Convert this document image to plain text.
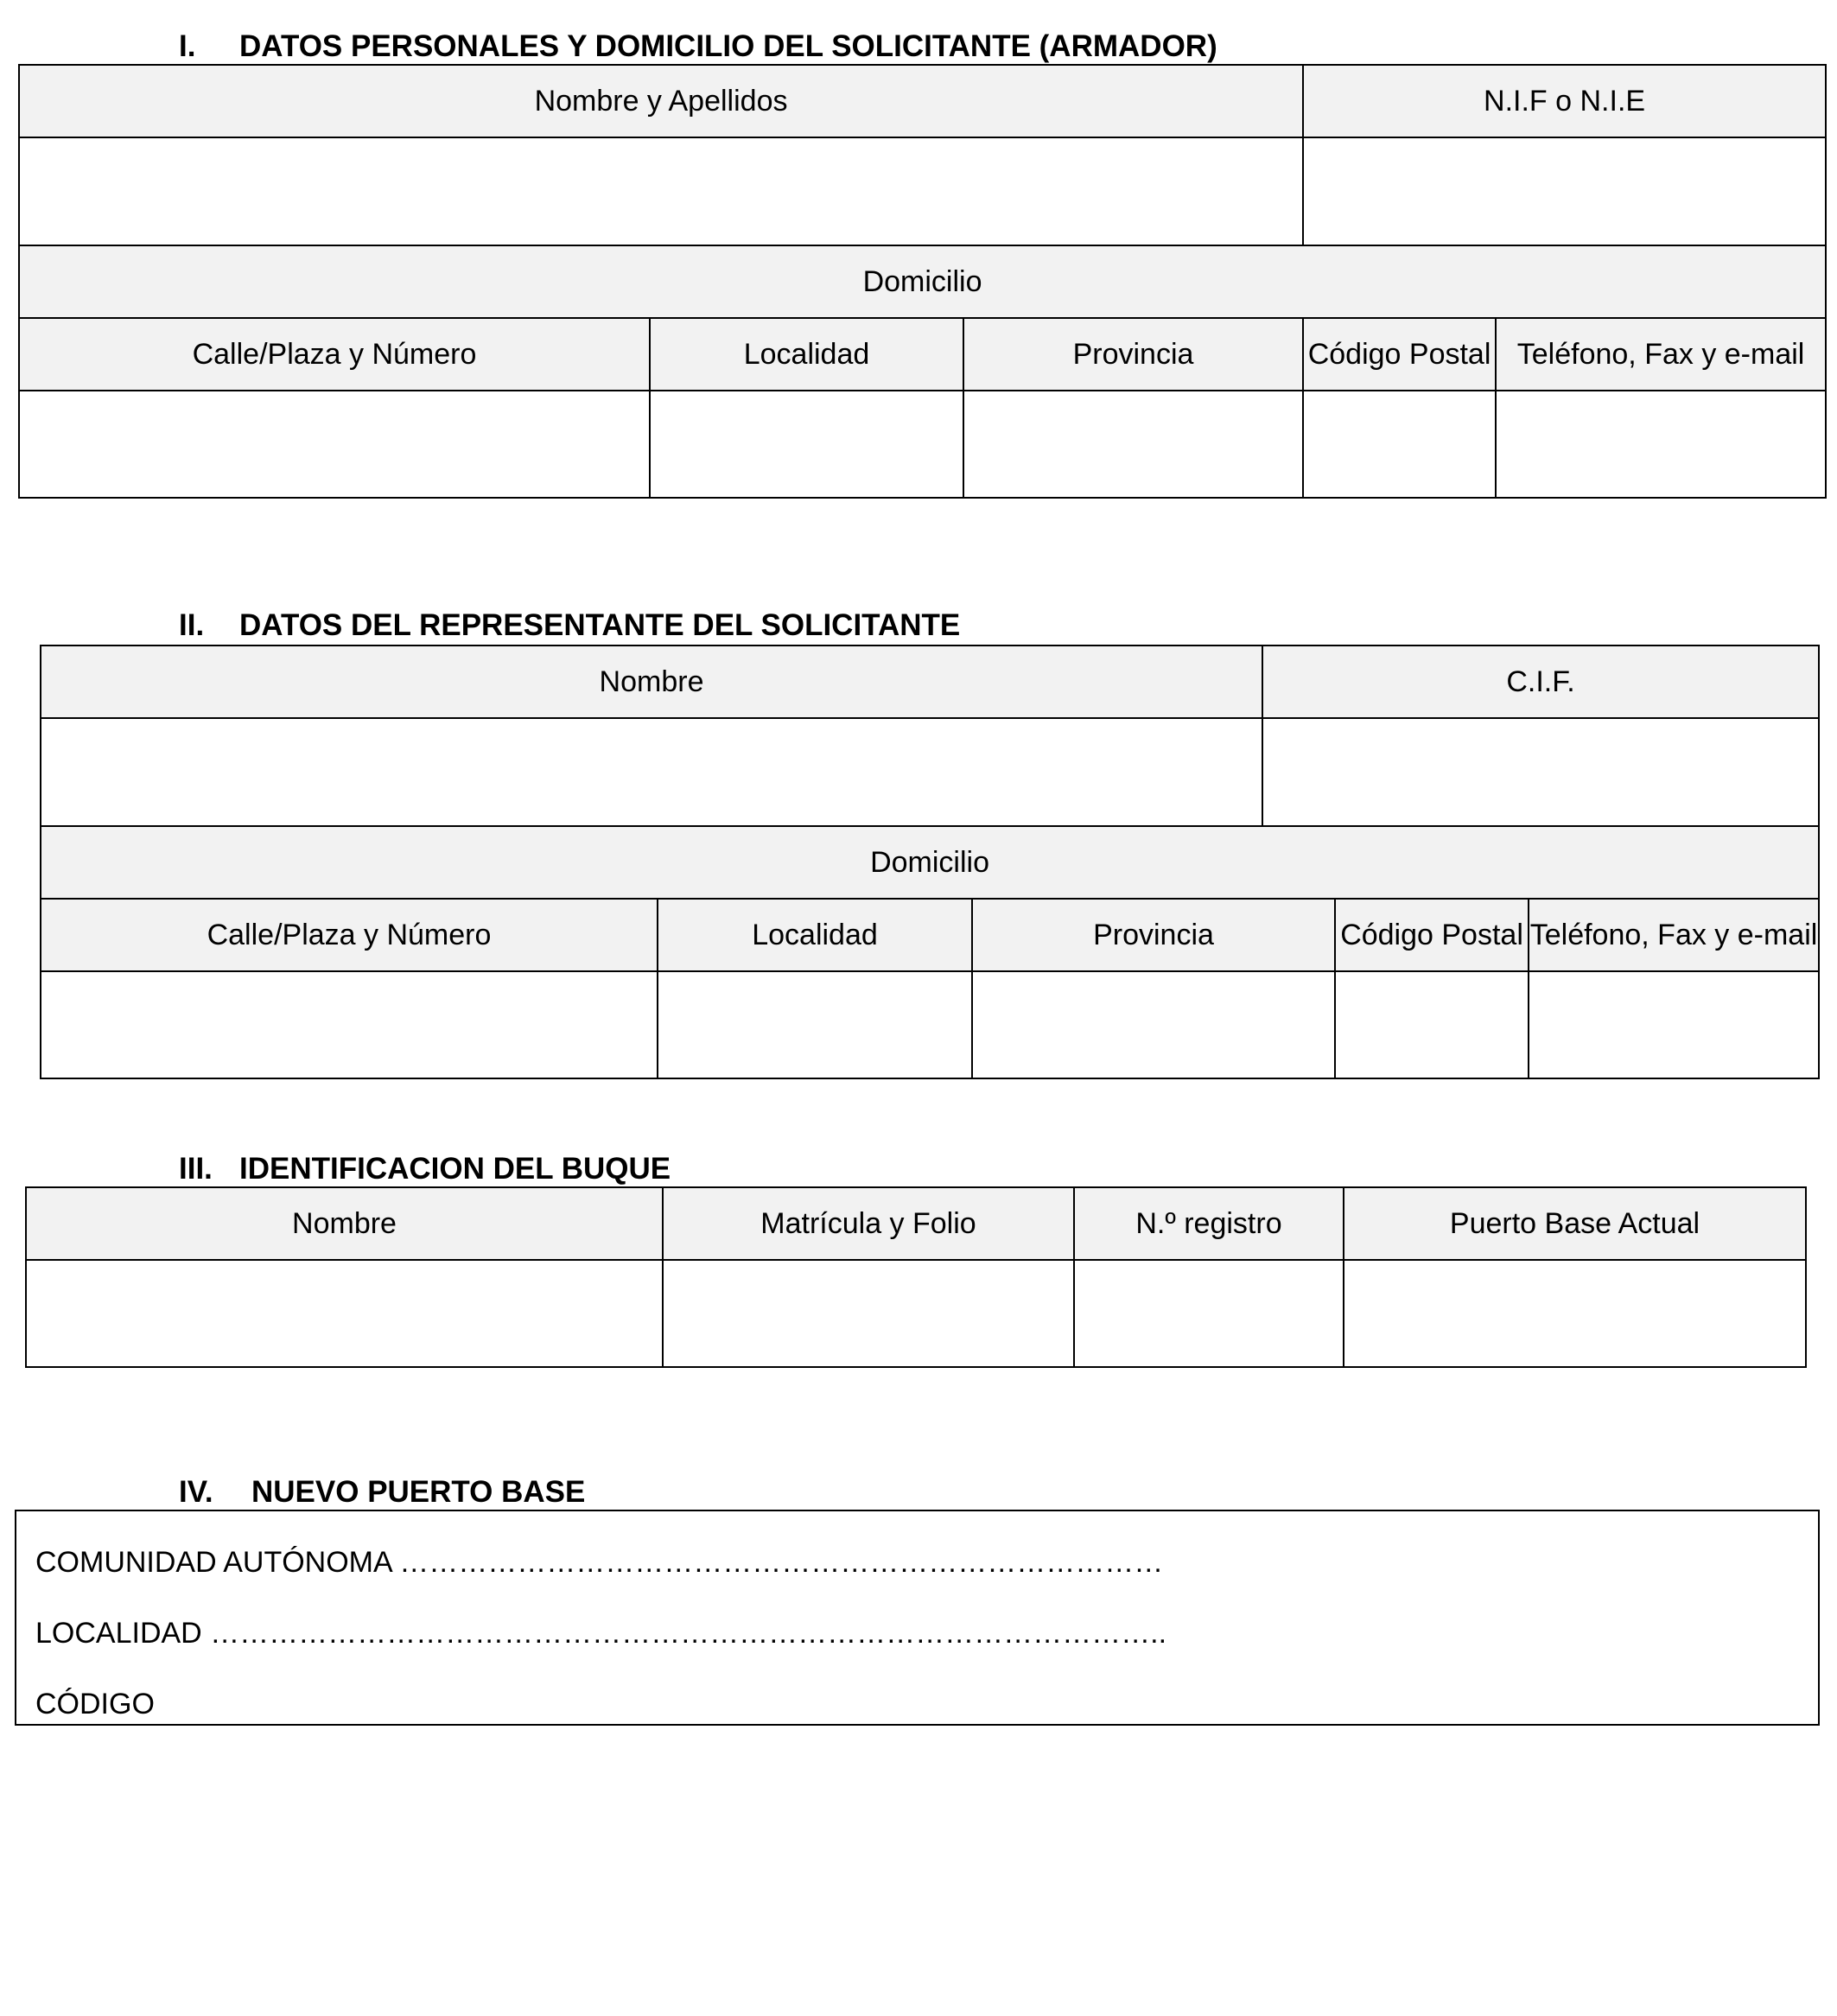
I. DATOS PERSONALES Y DOMICILIO DEL SOLICITANTE (ARMADOR)
Nombre y Apellidos			N.I.F o N.I.E	

Domicilio				
Calle/Plaza y Número	Localidad	Provincia	Código Postal	Teléfono, Fax y e-mail

II. DATOS DEL REPRESENTANTE DEL SOLICITANTE
Nombre			C.I.F.		

Domicilio					
Calle/Plaza y Número	Localidad	Provincia		Código Postal	Teléfono, Fax y e-mail

III. IDENTIFICACION DEL BUQUE
Nombre	Matrícula y Folio	N.º registro	Puerto Base Actual

IV. NUEVO PUERTO BASE
COMUNIDAD AUTÓNOMA ……………………………………………………………………
LOCALIDAD ……………………………………………………………………………………..
CÓDIGO
